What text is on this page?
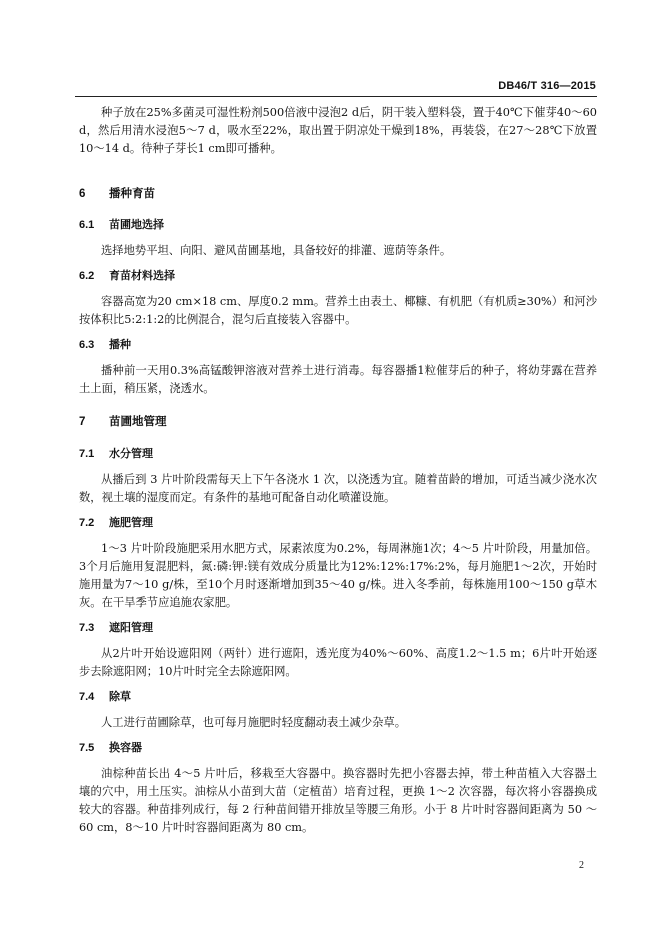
DB46/T 316—2015

种子放在25%多菌灵可湿性粉剂500倍液中浸泡2 d后，阴干装入塑料袋，置于40℃下催芽40～60 d，然后用清水浸泡5～7 d，吸水至22%，取出置于阴凉处干燥到18%，再装袋，在27～28℃下放置10～14 d。待种子芽长1 cm即可播种。

6 播种育苗
6.1 苗圃地选择

选择地势平坦、向阳、避风苗圃基地，具备较好的排灌、遮荫等条件。

6.2 育苗材料选择

容器高宽为20 cm×18 cm、厚度0.2 mm。营养土由表土、椰糠、有机肥（有机质≥30%）和河沙按体积比5:2:1:2的比例混合，混匀后直接装入容器中。

6.3 播种

播种前一天用0.3%高锰酸钾溶液对营养土进行消毒。每容器播1粒催芽后的种子，将幼芽露在营养土上面，稍压紧，浇透水。

7 苗圃地管理
7.1 水分管理

从播后到 3 片叶阶段需每天上下午各浇水 1 次，以浇透为宜。随着苗龄的增加，可适当减少浇水次数，视土壤的湿度而定。有条件的基地可配备自动化喷灌设施。

7.2 施肥管理

1～3 片叶阶段施肥采用水肥方式，尿素浓度为0.2%，每周淋施1次；4～5 片叶阶段，用量加倍。3个月后施用复混肥料，氮:磷:钾:镁有效成分质量比为12%:12%:17%:2%，每月施肥1～2次，开始时施用量为7～10 g/株，至10个月时逐渐增加到35～40 g/株。进入冬季前，每株施用100～150 g草木灰。在干旱季节应追施农家肥。

7.3 遮阳管理

从2片叶开始设遮阳网（两针）进行遮阳，透光度为40%～60%、高度1.2～1.5 m；6片叶开始逐步去除遮阳网；10片叶时完全去除遮阳网。

7.4 除草

人工进行苗圃除草，也可每月施肥时轻度翻动表土减少杂草。

7.5 换容器

油棕种苗长出 4～5 片叶后，移栽至大容器中。换容器时先把小容器去掉，带土种苗植入大容器土壤的穴中，用土压实。油棕从小苗到大苗（定植苗）培育过程，更换 1～2 次容器，每次将小容器换成较大的容器。种苗排列成行，每 2 行种苗间错开排放呈等腰三角形。小于 8 片叶时容器间距离为 50 ～60 cm，8～10 片叶时容器间距离为 80 cm。

2
